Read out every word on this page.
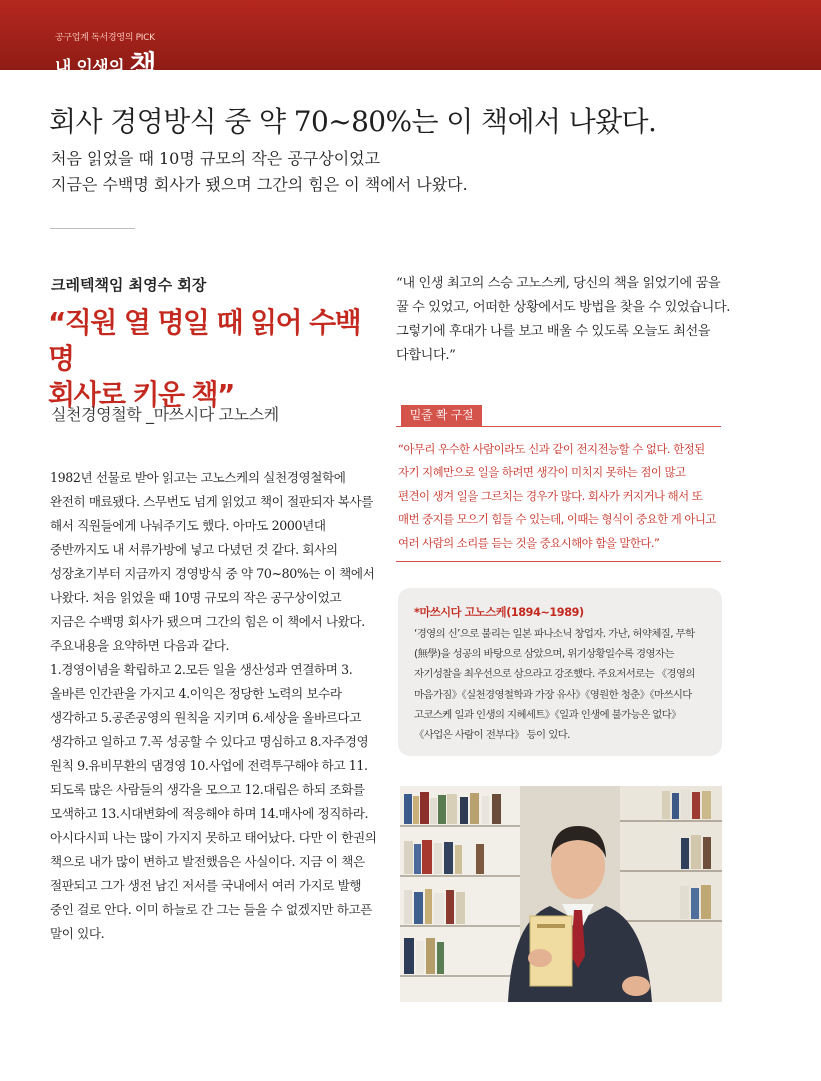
공구업계 독서경영의 PICK
내 인생의 책
회사 경영방식 중 약 70~80%는 이 책에서 나왔다.
처음 읽었을 때 10명 규모의 작은 공구상이었고
지금은 수백명 회사가 됐으며 그간의 힘은 이 책에서 나왔다.
크레텍책임 최영수 회장
“직원 열 명일 때 읽어 수백 명
회사로 키운 책”
실천경영철학 _마쓰시다 고노스케

1982년 선물로 받아 읽고는 고노스케의 실천경영철학에 완전히 매료됐다. 스무번도 넘게 읽었고 책이 절판되자 복사를 해서 직원들에게 나눠주기도 했다. 아마도 2000년대 중반까지도 내 서류가방에 넣고 다녔던 것 같다. 회사의 성장초기부터 지금까지 경영방식 중 약 70~80%는 이 책에서 나왔다. 처음 읽었을 때 10명 규모의 작은 공구상이었고 지금은 수백명 회사가 됐으며 그간의 힘은 이 책에서 나왔다. 주요내용을 요약하면 다음과 같다.

1.경영이념을 확립하고 2.모든 일을 생산성과 연결하며 3.올바른 인간관을 가지고 4.이익은 정당한 노력의 보수라 생각하고 5.공존공영의 원칙을 지키며 6.세상을 올바르다고 생각하고 일하고 7.꼭 성공할 수 있다고 명심하고 8.자주경영 원칙 9.유비무환의 댐경영 10.사업에 전력투구해야 하고 11.되도록 많은 사람들의 생각을 모으고 12.대립은 하되 조화를 모색하고 13.시대변화에 적응해야 하며 14.매사에 정직하라.

아시다시피 나는 많이 가지지 못하고 태어났다. 다만 이 한권의 책으로 내가 많이 변하고 발전했음은 사실이다. 지금 이 책은 절판되고 그가 생전 남긴 저서를 국내에서 여러 가지로 발행 중인 걸로 안다. 이미 하늘로 간 그는 들을 수 없겠지만 하고픈 말이 있다.

“내 인생 최고의 스승 고노스케, 당신의 책을 읽었기에 꿈을 꿀 수 있었고, 어떠한 상황에서도 방법을 찾을 수 있었습니다. 그렇기에 후대가 나를 보고 배울 수 있도록 오늘도 최선을 다합니다.”
밑줄 쫙 구절
“아무리 우수한 사람이라도 신과 같이 전지전능할 수 없다. 한정된 자기 지혜만으로 일을 하려면 생각이 미치지 못하는 점이 많고 편견이 생겨 일을 그르치는 경우가 많다. 회사가 커지거나 해서 또 매번 중지를 모으기 힘들 수 있는데, 이때는 형식이 중요한 게 아니고 여러 사람의 소리를 듣는 것을 중요시해야 함을 말한다.”
*마쓰시다 고노스케(1894~1989)
‘경영의 신’으로 불리는 일본 파나소닉 창업자. 가난, 허약체질, 무학(無學)을 성공의 바탕으로 삼았으며, 위기상황일수록 경영자는 자기성찰을 최우선으로 삼으라고 강조했다. 주요저서로는 《경영의 마음가짐》《실천경영철학과 가장 유사》《영원한 청춘》《마쓰시다 고코스케 일과 인생의 지혜세트》《일과 인생에 불가능은 없다》《사업은 사람이 전부다》 등이 있다.
